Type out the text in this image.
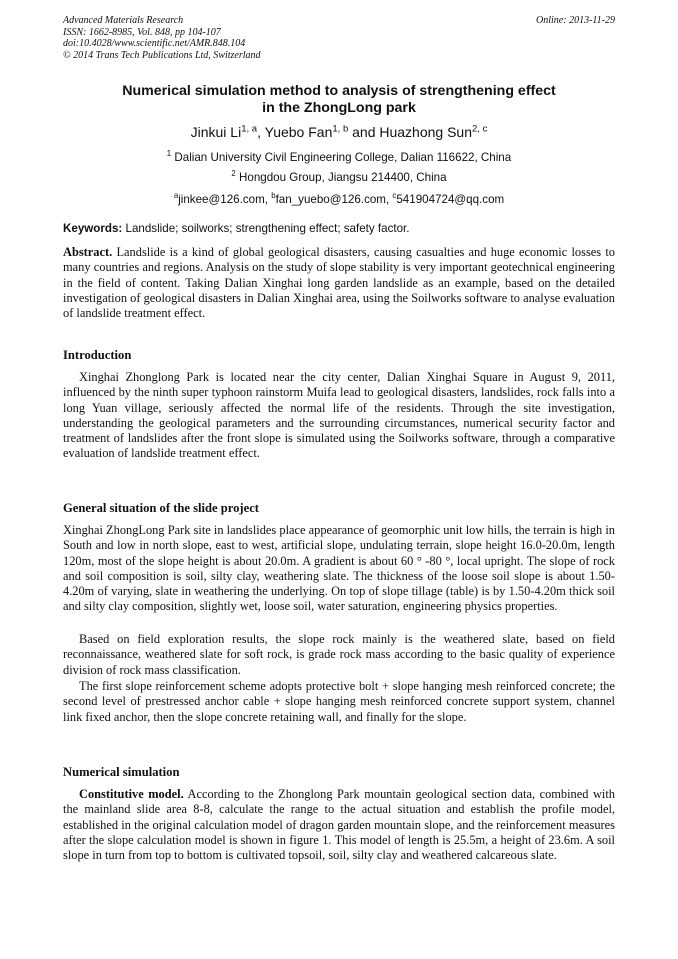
Advanced Materials Research
ISSN: 1662-8985, Vol. 848, pp 104-107
doi:10.4028/www.scientific.net/AMR.848.104
© 2014 Trans Tech Publications Ltd, Switzerland
Online: 2013-11-29
Numerical simulation method to analysis of strengthening effect
in the ZhongLong park
Jinkui Li$^{1, a}$, Yuebo Fan$^{1, b}$ and Huazhong Sun$^{2, c}$
$^1$ Dalian University Civil Engineering College, Dalian 116622, China
$^2$ Hongdou Group, Jiangsu 214400, China
$^a$jinkee@126.com, $^b$fan_yuebo@126.com, $^c$541904724@qq.com
Keywords: Landslide; soilworks; strengthening effect; safety factor.
Abstract. Landslide is a kind of global geological disasters, causing casualties and huge economic losses to many countries and regions. Analysis on the study of slope stability is very important geotechnical engineering in the field of content. Taking Dalian Xinghai long garden landslide as an example, based on the detailed investigation of geological disasters in Dalian Xinghai area, using the Soilworks software to analyse evaluation of landslide treatment effect.
Introduction
Xinghai Zhonglong Park is located near the city center, Dalian Xinghai Square in August 9, 2011, influenced by the ninth super typhoon rainstorm Muifa lead to geological disasters, landslides, rock falls into a long Yuan village, seriously affected the normal life of the residents. Through the site investigation, understanding the geological parameters and the surrounding circumstances, numerical security factor and treatment of landslides after the front slope is simulated using the Soilworks software, through a comparative evaluation of landslide treatment effect.
General situation of the slide project
Xinghai ZhongLong Park site in landslides place appearance of geomorphic unit low hills, the terrain is high in South and low in north slope, east to west, artificial slope, undulating terrain, slope height 16.0-20.0m, length 120m, most of the slope height is about 20.0m. A gradient is about 60 ° -80 °, local upright. The slope of rock and soil composition is soil, silty clay, weathering slate. The thickness of the loose soil slope is about 1.50-4.20m of varying, slate in weathering the underlying. On top of slope tillage (table) is by 1.50-4.20m thick soil and silty clay composition, slightly wet, loose soil, water saturation, engineering physics properties.
Based on field exploration results, the slope rock mainly is the weathered slate, based on field reconnaissance, weathered slate for soft rock, is grade rock mass according to the basic quality of experience division of rock mass classification.
The first slope reinforcement scheme adopts protective bolt + slope hanging mesh reinforced concrete; the second level of prestressed anchor cable + slope hanging mesh reinforced concrete support system, channel link fixed anchor, then the slope concrete retaining wall, and finally for the slope.
Numerical simulation
Constitutive model. According to the Zhonglong Park mountain geological section data, combined with the mainland slide area 8-8, calculate the range to the actual situation and establish the profile model, established in the original calculation model of dragon garden mountain slope, and the reinforcement measures after the slope calculation model is shown in figure 1. This model of length is 25.5m, a height of 23.6m. A soil slope in turn from top to bottom is cultivated topsoil, soil, silty clay and weathered calcareous slate.
